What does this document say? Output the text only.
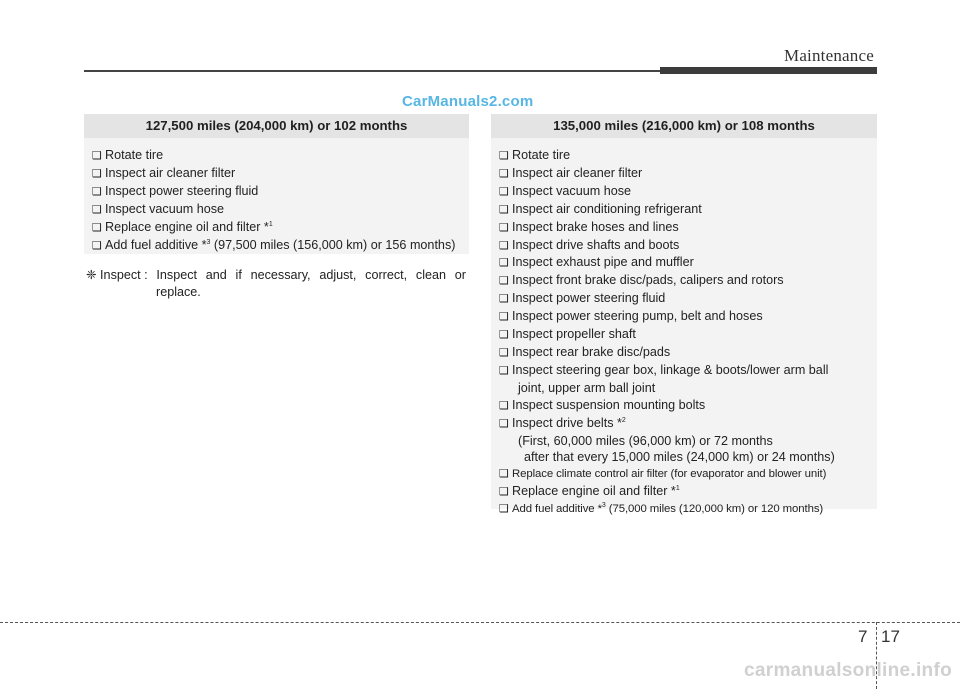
Maintenance
CarManuals2.com
127,500 miles (204,000 km) or 102 months
❑ Rotate tire
❑ Inspect air cleaner filter
❑ Inspect power steering fluid
❑ Inspect vacuum hose
❑ Replace engine oil and filter *$^1$
❑ Add fuel additive *$^3$ (97,500 miles (156,000 km) or 156 months)
❈ Inspect : Inspect and if necessary, adjust, correct, clean or
replace.
135,000 miles (216,000 km) or 108 months
❑ Rotate tire
❑ Inspect air cleaner filter
❑ Inspect vacuum hose
❑ Inspect air conditioning refrigerant
❑ Inspect brake hoses and lines
❑ Inspect drive shafts and boots
❑ Inspect exhaust pipe and muffler
❑ Inspect front brake disc/pads, calipers and rotors
❑ Inspect power steering fluid
❑ Inspect power steering pump, belt and hoses
❑ Inspect propeller shaft
❑ Inspect rear brake disc/pads
❑ Inspect steering gear box, linkage & boots/lower arm ball
joint, upper arm ball joint
❑ Inspect suspension mounting bolts
❑ Inspect drive belts *$^2$
(First, 60,000 miles (96,000 km) or 72 months
after that every 15,000 miles (24,000 km) or 24 months)
❑ Replace climate control air filter (for evaporator and blower unit)
❑ Replace engine oil and filter *$^1$
❑ Add fuel additive *$^3$ (75,000 miles (120,000 km) or 120 months)
7 17
carmanualsonline.info
